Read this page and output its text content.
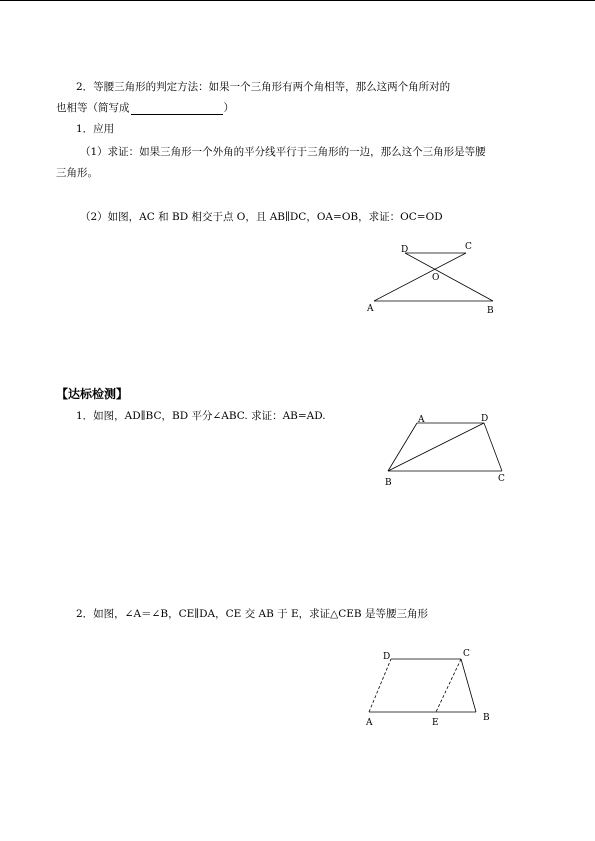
2．等腰三角形的判定方法：如果一个三角形有两个角相等，那么这两个角所对的
也相等（简写成	）
1．应用
（1）求证：如果三角形一个外角的平分线平行于三角形的一边，那么这个三角形是等腰
三角形。
（2）如图，AC 和 BD 相交于点 O，且 AB∥DC，OA=OB，求证：OC=OD
D	C
O
A	B
【达标检测】
1．如图，AD∥BC，BD 平分∠ABC. 求证：AB=AD.	A	D
B	C
2．如图，∠A＝∠B，CE∥DA，CE 交 AB 于 E，求证△CEB 是等腰三角形
D	C
A	E	B
